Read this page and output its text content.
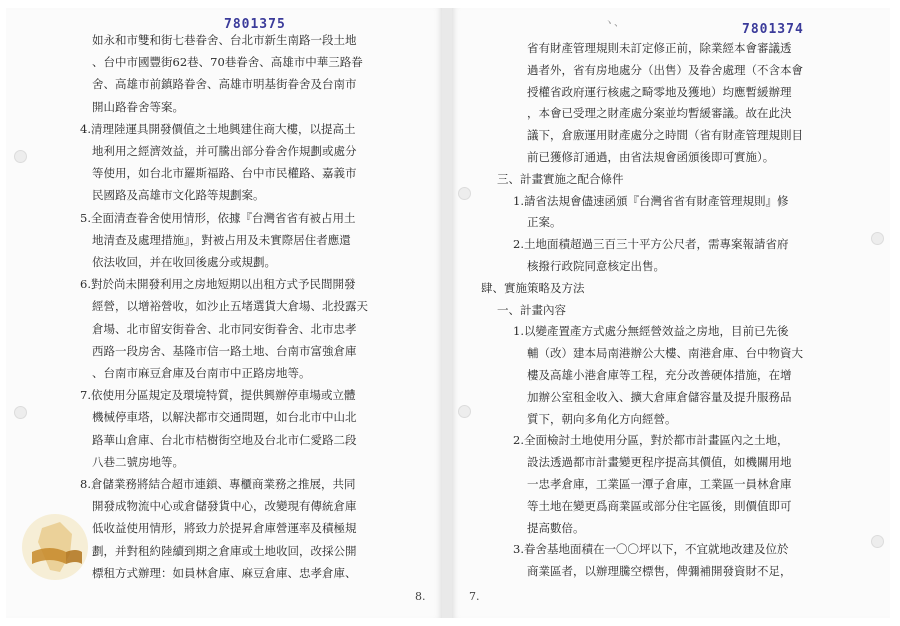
7801375	7801374
ヽ、
如永和市雙和街七巷眷舍、台北市新生南路一段土地
、台中市國豐街62巷、70巷眷舍、高雄市中華三路眷
舍、高雄市前鎮路眷舍、高雄市明基街眷舍及台南市
開山路眷舍等案。
4.清理陸運具開發價值之土地興建住商大樓，以提高土
地利用之經濟效益，并可騰出部分眷舍作規劃或處分
等使用，如台北市羅斯福路、台中市民權路、嘉義市
民國路及高雄市文化路等規劃案。
5.全面清查眷舍使用情形，依據『台灣省省有被占用土
地清查及處理措施』，對被占用及未實際居住者應還
依法收回，并在收回後處分或規劃。
6.對於尚未開發利用之房地短期以出租方式予民間開發
經營，以增裕營收，如沙止五堵選貨大倉場、北投露天
倉場、北市留安街眷舍、北市同安街眷舍、北市忠孝
西路一段房舍、基隆市信一路土地、台南市富強倉庫
、台南市麻豆倉庫及台南市中正路房地等。
7.依使用分區規定及環境特質，提供興辦停車場或立體
機械停車塔，以解決都市交通問題，如台北市中山北
路華山倉庫、台北市桔樹街空地及台北市仁愛路二段
八巷二號房地等。
8.倉儲業務將結合超市連鎖、專櫃商業務之推展，共同
開發成物流中心或倉儲發貨中心，改變現有傳統倉庫
低收益使用情形，將致力於提昇倉庫營運率及積極規
劃，并對租約陸續到期之倉庫或土地收回，改採公開
標租方式辦理：如員林倉庫、麻豆倉庫、忠孝倉庫、
省有財產管理規則未訂定修正前，除業經本會審議透
過者外，省有房地處分（出售）及眷舍處理（不含本會
授權省政府運行核處之畸零地及獲地）均應暫緩辦理
，本會已受理之財產處分案並均暫緩審議。故在此決
議下，倉廒運用財產處分之時間（省有財產管理規則目
前已獲修訂通過，由省法規會函頒後即可實施）。
三、計畫實施之配合條件
1.請省法規會儘速函頒『台灣省省有財產管理規則』修
正案。
2.土地面積超過三百三十平方公尺者，需專案報請省府
核撥行政院同意核定出售。
肆、實施策略及方法
一、計畫內容
1.以變產置產方式處分無經營效益之房地，目前已先後
輔（改）建本局南港辦公大樓、南港倉庫、台中物資大
樓及高雄小港倉庫等工程，充分改善硬体措施，在增
加辦公室租金收入、擴大倉庫倉儲容量及提升服務品
質下，朝向多角化方向經營。
2.全面檢討土地使用分區，對於都市計畫區內之土地，
設法透過都市計畫變更程序提高其價值，如機關用地
一忠孝倉庫，工業區一潭子倉庫，工業區一員林倉庫
等土地在變更爲商業區或部分住宅區後，則價值即可
提高數倍。
3.眷舍基地面積在一〇〇坪以下，不宜就地改建及位於
商業區者，以辦理騰空標售，俾彌補開發資財不足，
8.	7.
